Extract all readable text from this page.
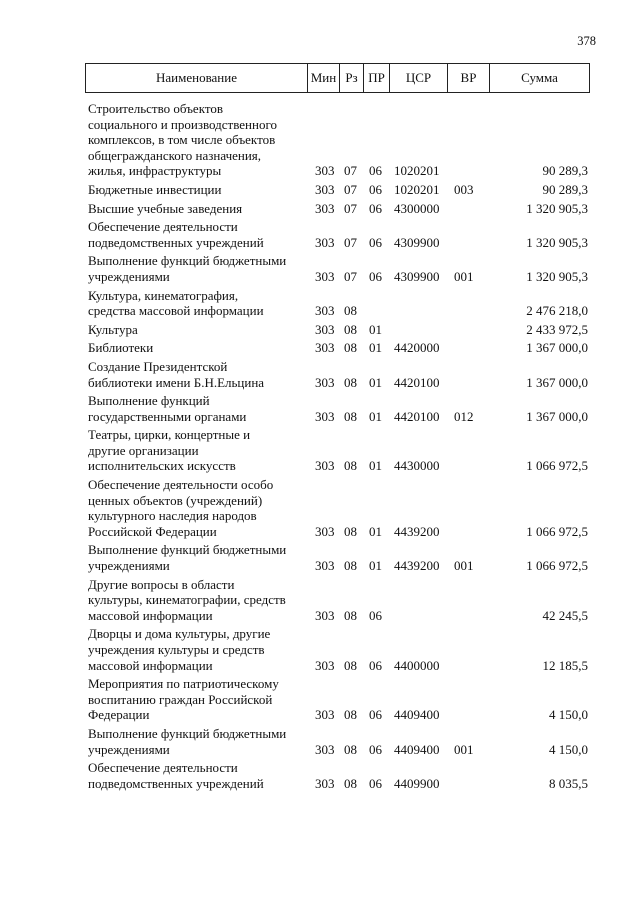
378
Наименование	Мин Рз ПР	ЦСР	ВР	Сумма
Строительство объектов
социального и производственного
комплексов, в том числе объектов
общегражданского назначения,
жилья, инфраструктуры	303 07 06 1020201	90 289,3
Бюджетные инвестиции	303 07 06 1020201	003	90 289,3
Высшие учебные заведения	303 07 06 4300000	1 320 905,3
Обеспечение деятельности
подведомственных учреждений	303 07 06 4309900	1 320 905,3
Выполнение функций бюджетными
учреждениями	303 07 06 4309900	001	1 320 905,3
Культура, кинематография,
средства массовой информации	303 08	2 476 218,0
Культура	303 08 01	2 433 972,5
Библиотеки	303 08 01 4420000	1 367 000,0
Создание Президентской
библиотеки имени Б.Н.Ельцина	303 08 01 4420100	1 367 000,0
Выполнение функций
государственными органами	303 08 01 4420100	012	1 367 000,0
Театры, цирки, концертные и
другие организации
исполнительских искусств	303 08 01 4430000	1 066 972,5
Обеспечение деятельности особо
ценных объектов (учреждений)
культурного наследия народов
Российской Федерации	303 08 01 4439200	1 066 972,5
Выполнение функций бюджетными
учреждениями	303 08 01 4439200	001	1 066 972,5
Другие вопросы в области
культуры, кинематографии, средств
массовой информации	303 08 06	42 245,5
Дворцы и дома культуры, другие
учреждения культуры и средств
массовой информации	303 08 06 4400000	12 185,5
Мероприятия по патриотическому
воспитанию граждан Российской
Федерации	303 08 06 4409400	4 150,0
Выполнение функций бюджетными
учреждениями	303 08 06 4409400	001	4 150,0
Обеспечение деятельности
подведомственных учреждений	303 08 06 4409900	8 035,5
